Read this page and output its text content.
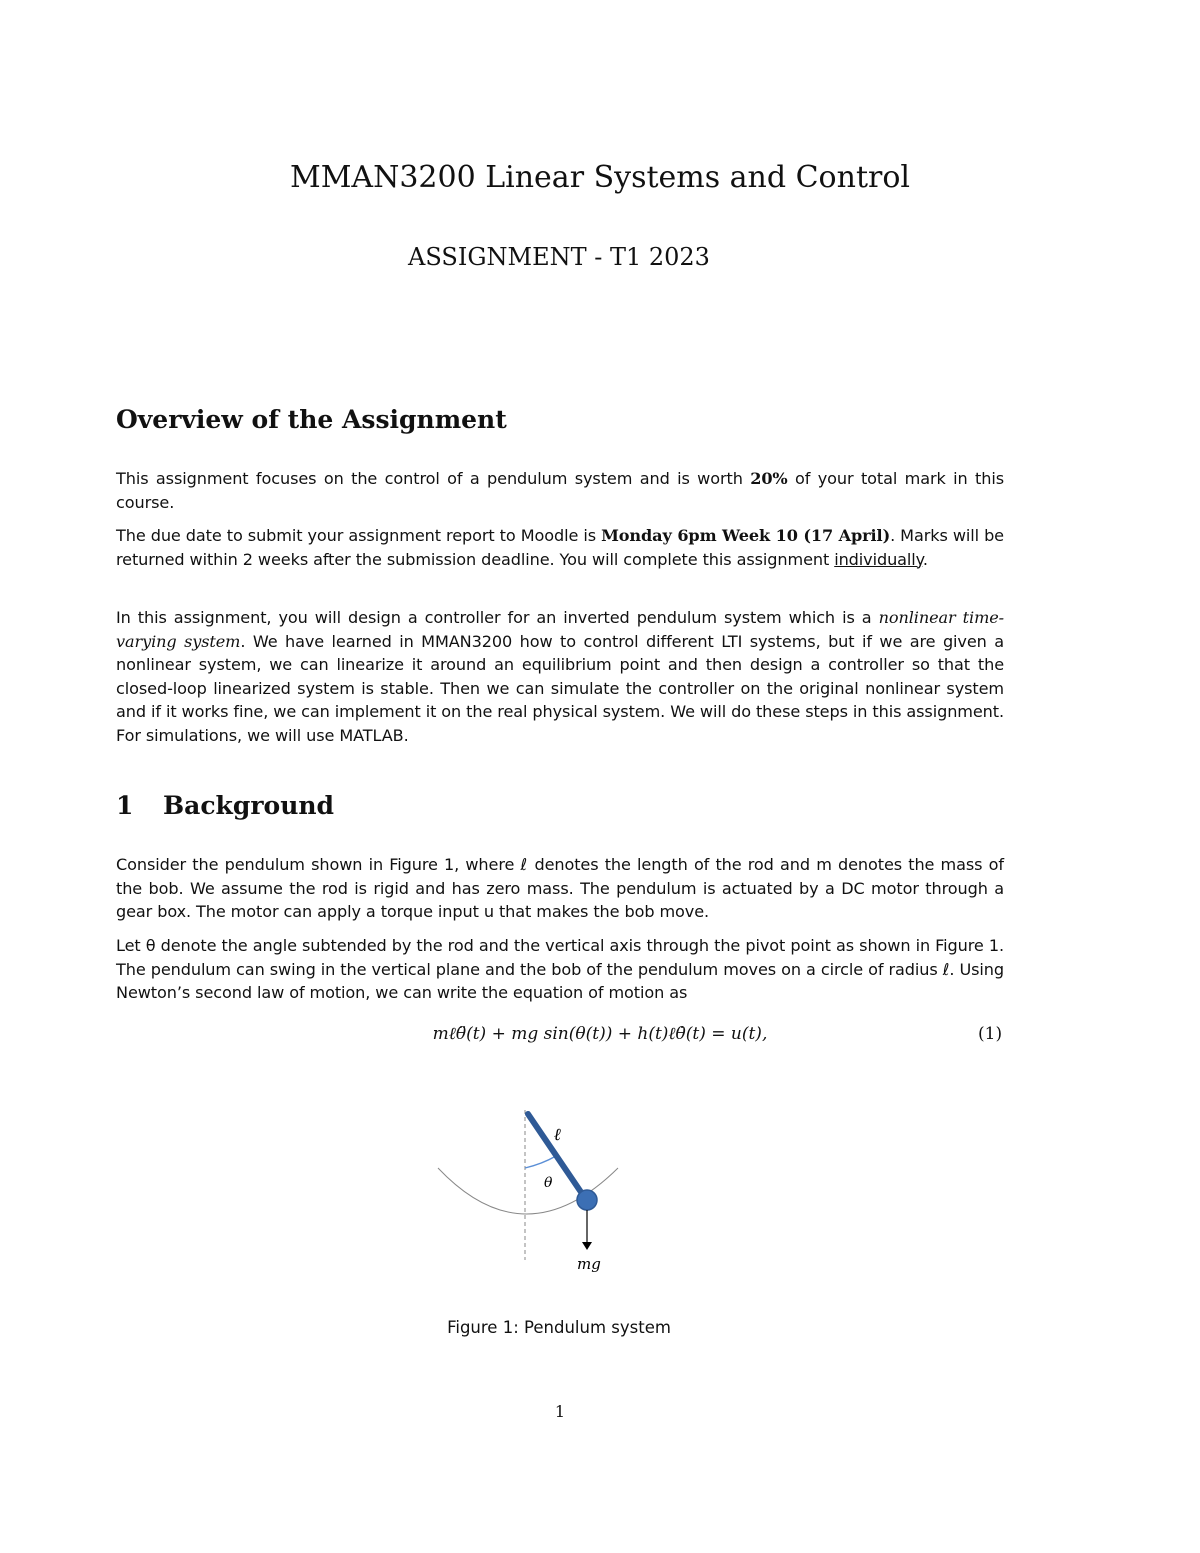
MMAN3200 Linear Systems and Control
ASSIGNMENT - T1 2023
Overview of the Assignment
This assignment focuses on the control of a pendulum system and is worth 20% of your total mark in this course.
The due date to submit your assignment report to Moodle is Monday 6pm Week 10 (17 April). Marks will be returned within 2 weeks after the submission deadline. You will complete this assignment individually.
In this assignment, you will design a controller for an inverted pendulum system which is a nonlinear time-varying system. We have learned in MMAN3200 how to control different LTI systems, but if we are given a nonlinear system, we can linearize it around an equilibrium point and then design a controller so that the closed-loop linearized system is stable. Then we can simulate the controller on the original nonlinear system and if it works fine, we can implement it on the real physical system. We will do these steps in this assignment. For simulations, we will use MATLAB.
1 Background
Consider the pendulum shown in Figure 1, where ℓ denotes the length of the rod and m denotes the mass of the bob. We assume the rod is rigid and has zero mass. The pendulum is actuated by a DC motor through a gear box. The motor can apply a torque input u that makes the bob move.
Let θ denote the angle subtended by the rod and the vertical axis through the pivot point as shown in Figure 1. The pendulum can swing in the vertical plane and the bob of the pendulum moves on a circle of radius ℓ. Using Newton’s second law of motion, we can write the equation of motion as
mℓθ̈(t) + mg sin(θ(t)) + h(t)ℓθ̇(t) = u(t),	(1)
ℓ
θ
mg
Figure 1: Pendulum system
1
